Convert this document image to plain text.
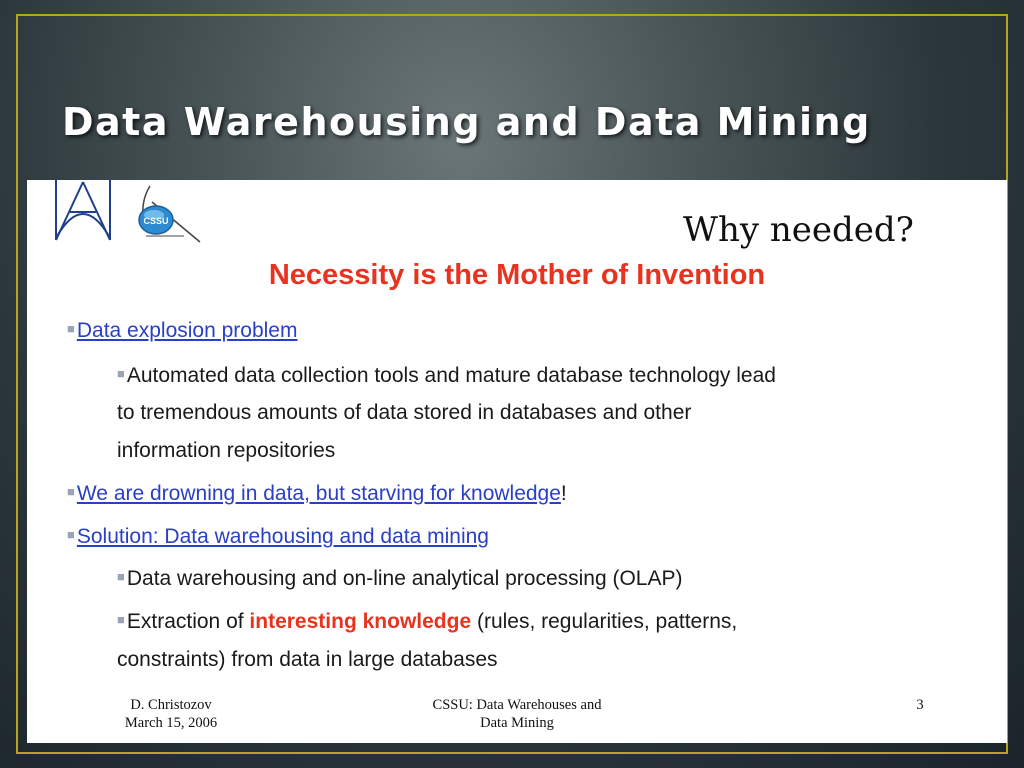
Data Warehousing and Data Mining
CSSU	Why needed?
Necessity is the Mother of Invention
■Data explosion problem
■Automated data collection tools and mature database technology lead
to tremendous amounts of data stored in databases and other
information repositories
■We are drowning in data, but starving for knowledge!
■Solution: Data warehousing and data mining
■Data warehousing and on-line analytical processing (OLAP)
■Extraction of interesting knowledge (rules, regularities, patterns,
constraints) from data in large databases
D. Christozov
March 15, 2006
CSSU: Data Warehouses and
Data Mining
3
